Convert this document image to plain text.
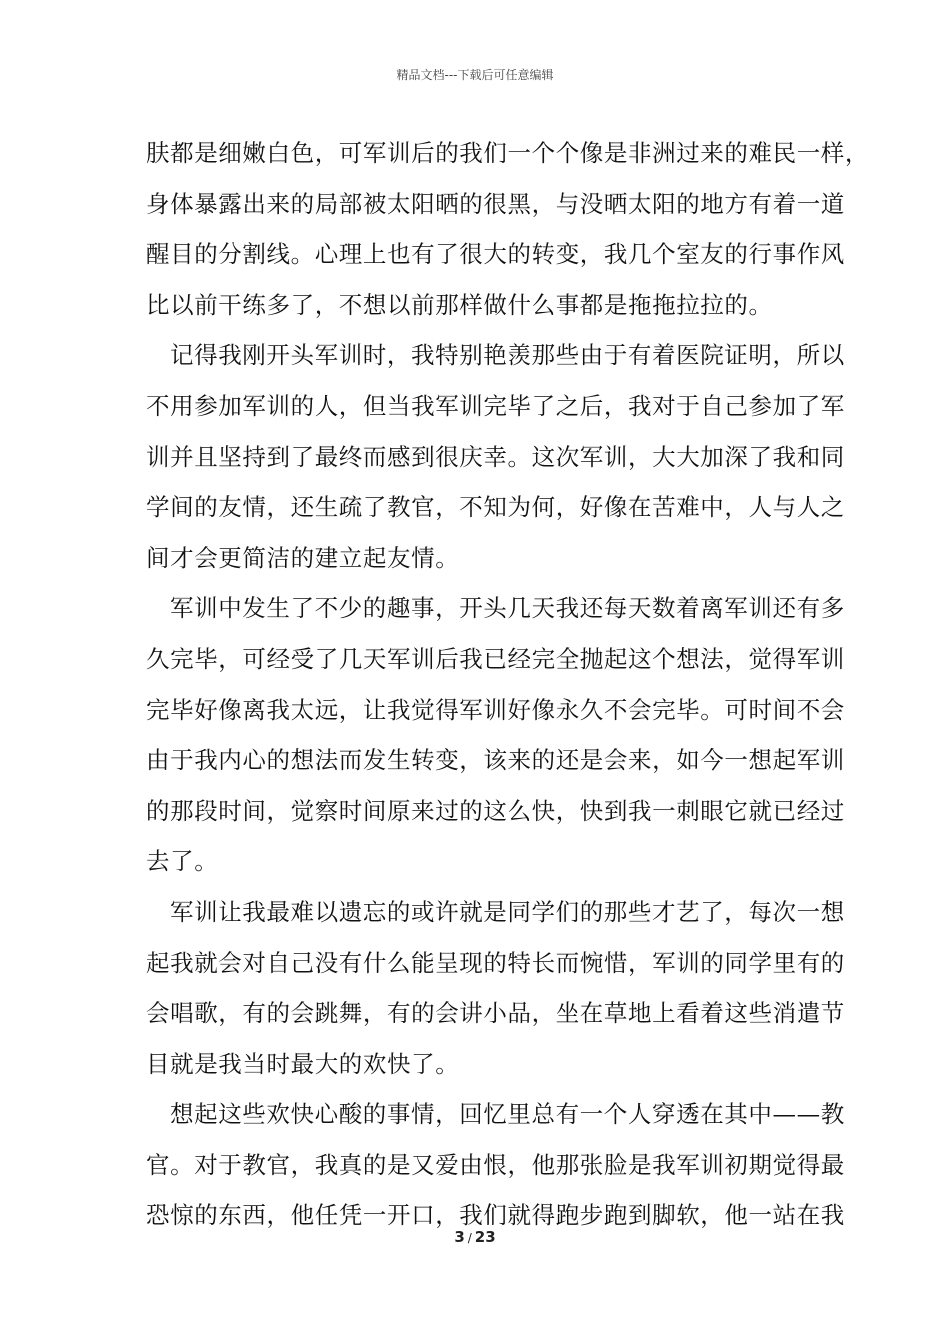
精品文档---下载后可任意编辑

肤都是细嫩白色，可军训后的我们一个个像是非洲过来的难民一样，
身体暴露出来的局部被太阳晒的很黑，与没晒太阳的地方有着一道
醒目的分割线。心理上也有了很大的转变，我几个室友的行事作风
比以前干练多了，不想以前那样做什么事都是拖拖拉拉的。

记得我刚开头军训时，我特别艳羡那些由于有着医院证明，所以
不用参加军训的人，但当我军训完毕了之后，我对于自己参加了军
训并且坚持到了最终而感到很庆幸。这次军训，大大加深了我和同
学间的友情，还生疏了教官，不知为何，好像在苦难中，人与人之
间才会更简洁的建立起友情。

军训中发生了不少的趣事，开头几天我还每天数着离军训还有多
久完毕，可经受了几天军训后我已经完全抛起这个想法，觉得军训
完毕好像离我太远，让我觉得军训好像永久不会完毕。可时间不会
由于我内心的想法而发生转变，该来的还是会来，如今一想起军训
的那段时间，觉察时间原来过的这么快，快到我一刺眼它就已经过
去了。

军训让我最难以遗忘的或许就是同学们的那些才艺了，每次一想
起我就会对自己没有什么能呈现的特长而惋惜，军训的同学里有的
会唱歌，有的会跳舞，有的会讲小品，坐在草地上看着这些消遣节
目就是我当时最大的欢快了。

想起这些欢快心酸的事情，回忆里总有一个人穿透在其中——教
官。对于教官，我真的是又爱由恨，他那张脸是我军训初期觉得最
恐惊的东西，他任凭一开口，我们就得跑步跑到脚软，他一站在我

3 / 23
